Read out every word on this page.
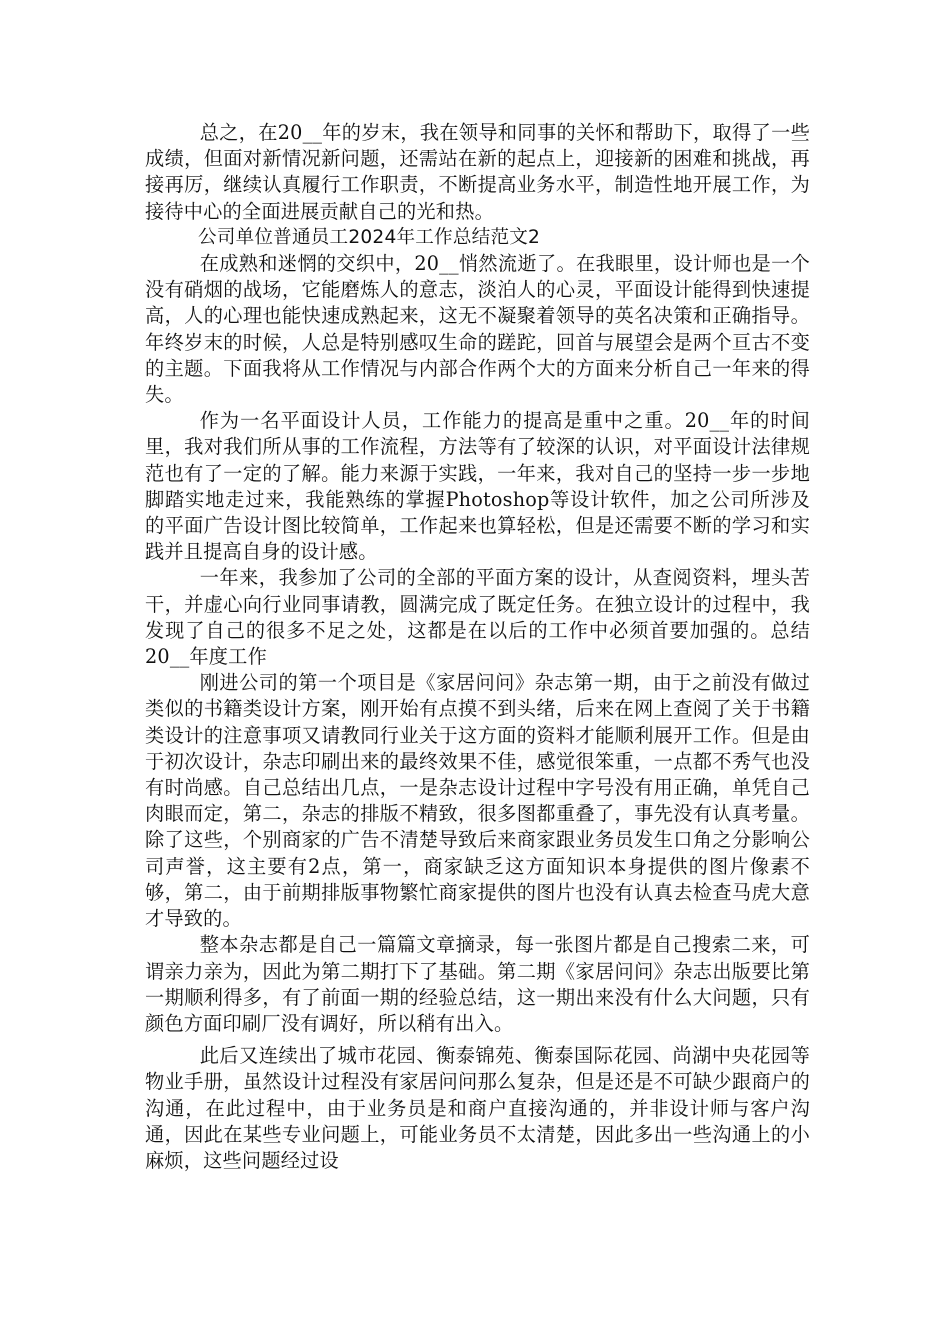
总之，在20__年的岁末，我在领导和同事的关怀和帮助下，取得了一些成绩，但面对新情况新问题，还需站在新的起点上，迎接新的困难和挑战，再接再厉，继续认真履行工作职责，不断提高业务水平，制造性地开展工作，为接待中心的全面进展贡献自己的光和热。

公司单位普通员工2024年工作总结范文2

在成熟和迷惘的交织中，20__悄然流逝了。在我眼里，设计师也是一个没有硝烟的战场，它能磨炼人的意志，淡泊人的心灵，平面设计能得到快速提高，人的心理也能快速成熟起来，这无不凝聚着领导的英名决策和正确指导。年终岁末的时候，人总是特别感叹生命的蹉跎，回首与展望会是两个亘古不变的主题。下面我将从工作情况与内部合作两个大的方面来分析自己一年来的得失。

作为一名平面设计人员，工作能力的提高是重中之重。20__年的时间里，我对我们所从事的工作流程，方法等有了较深的认识，对平面设计法律规范也有了一定的了解。能力来源于实践，一年来，我对自己的坚持一步一步地脚踏实地走过来，我能熟练的掌握Photoshop等设计软件，加之公司所涉及的平面广告设计图比较简单，工作起来也算轻松，但是还需要不断的学习和实践并且提高自身的设计感。

一年来，我参加了公司的全部的平面方案的设计，从查阅资料，埋头苦干，并虚心向行业同事请教，圆满完成了既定任务。在独立设计的过程中，我发现了自己的很多不足之处，这都是在以后的工作中必须首要加强的。总结20__年度工作

刚进公司的第一个项目是《家居问问》杂志第一期，由于之前没有做过类似的书籍类设计方案，刚开始有点摸不到头绪，后来在网上查阅了关于书籍类设计的注意事项又请教同行业关于这方面的资料才能顺利展开工作。但是由于初次设计，杂志印刷出来的最终效果不佳，感觉很笨重，一点都不秀气也没有时尚感。自己总结出几点，一是杂志设计过程中字号没有用正确，单凭自己肉眼而定，第二，杂志的排版不精致，很多图都重叠了，事先没有认真考量。除了这些，个别商家的广告不清楚导致后来商家跟业务员发生口角之分影响公司声誉，这主要有2点，第一，商家缺乏这方面知识本身提供的图片像素不够，第二，由于前期排版事物繁忙商家提供的图片也没有认真去检查马虎大意才导致的。

整本杂志都是自己一篇篇文章摘录，每一张图片都是自己搜索二来，可谓亲力亲为，因此为第二期打下了基础。第二期《家居问问》杂志出版要比第一期顺利得多，有了前面一期的经验总结，这一期出来没有什么大问题，只有颜色方面印刷厂没有调好，所以稍有出入。

此后又连续出了城市花园、衡泰锦苑、衡泰国际花园、尚湖中央花园等物业手册，虽然设计过程没有家居问问那么复杂，但是还是不可缺少跟商户的沟通，在此过程中，由于业务员是和商户直接沟通的，并非设计师与客户沟通，因此在某些专业问题上，可能业务员不太清楚，因此多出一些沟通上的小麻烦，这些问题经过设
